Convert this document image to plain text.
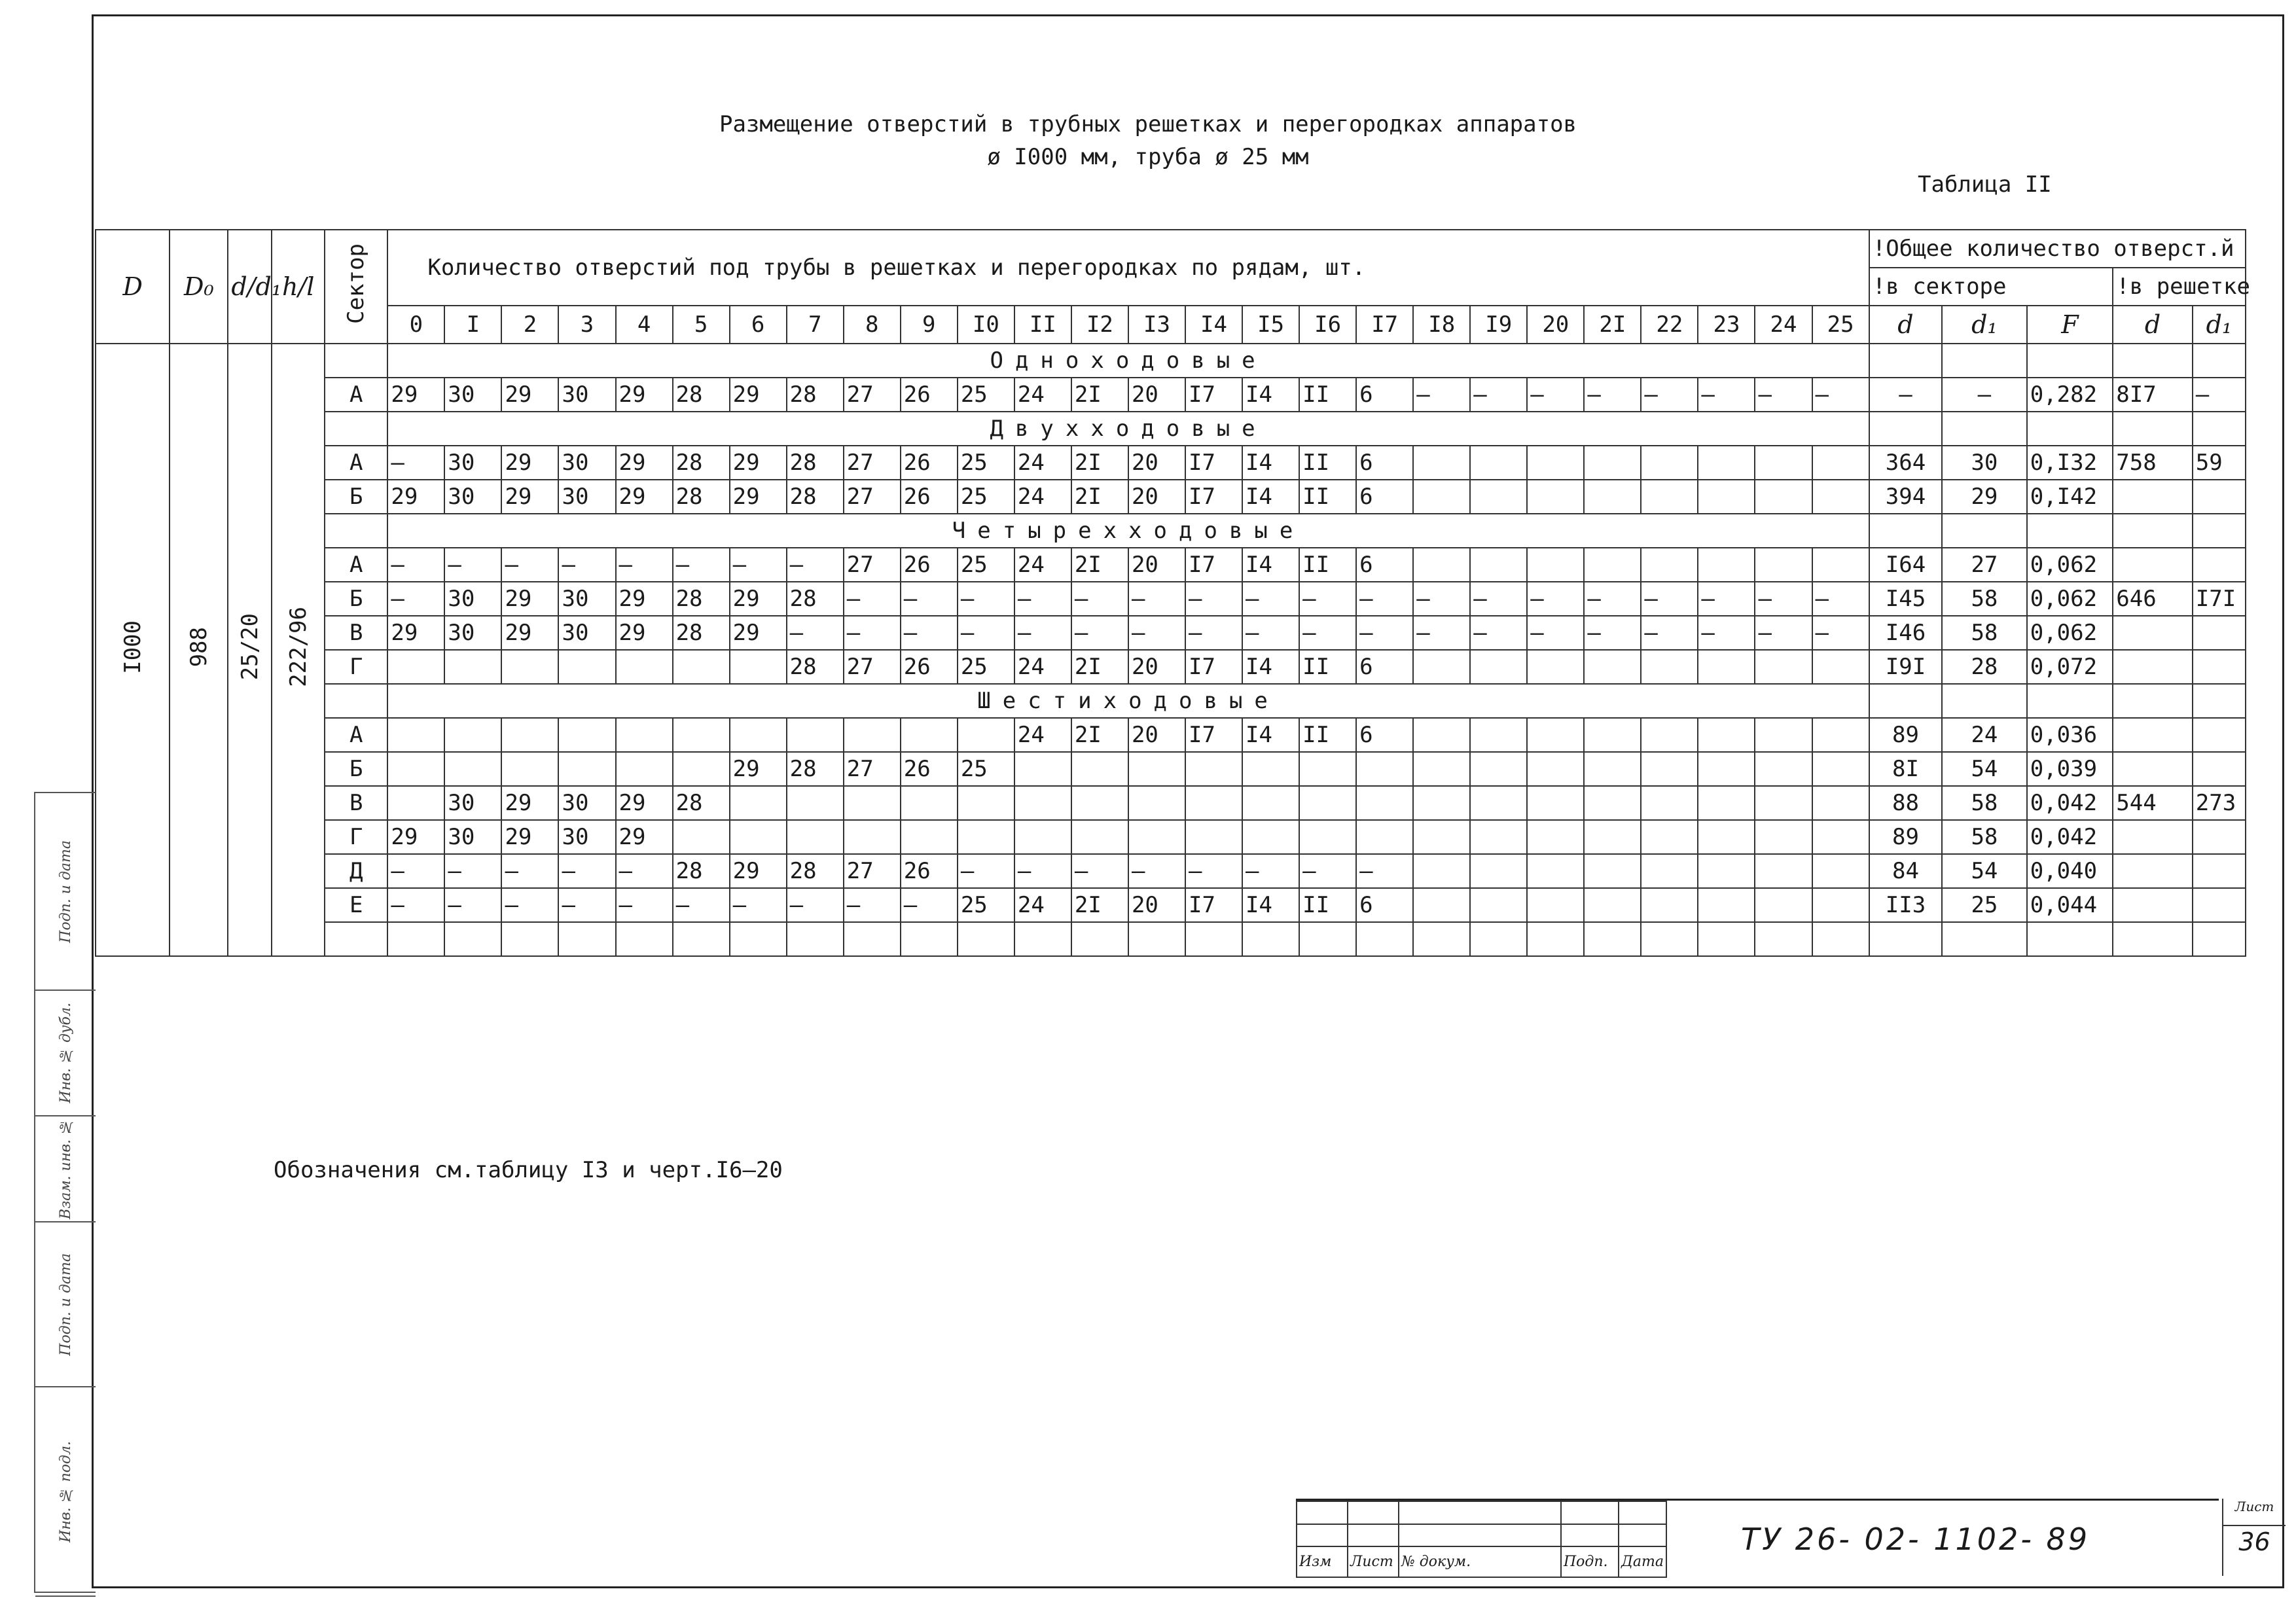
Размещение отверстий в трубных решетках и перегородках аппаратов
ø I000 мм, труба ø 25 мм
Таблица II
D	D₀	d/d₁	h/l	Сектор	Количество отверстий под трубы в решетках и перегородках по рядам, шт.																										!Общее количество отверст.й				
																															!в секторе			!в решетке	
					0	I	2	3	4	5	6	7	8	9	I0	II	I2	I3	I4	I5	I6	I7	I8	I9	20	2I	22	23	24	25	d	d₁	F	d	d₁
I000	988	25/20	222/96		Одноходовые																														
				А	29	30	29	30	29	28	29	28	27	26	25	24	2I	20	I7	I4	II	6	–	–	–	–	–	–	–	–	–	–	0,282	8I7	–
					Двухходовые																														
				А	–	30	29	30	29	28	29	28	27	26	25	24	2I	20	I7	I4	II	6									364	30	0,I32	758	59
				Б	29	30	29	30	29	28	29	28	27	26	25	24	2I	20	I7	I4	II	6									394	29	0,I42		
					Четырехходовые																														
				А	–	–	–	–	–	–	–	–	27	26	25	24	2I	20	I7	I4	II	6									I64	27	0,062		
				Б	–	30	29	30	29	28	29	28	–	–	–	–	–	–	–	–	–	–	–	–	–	–	–	–	–	–	I45	58	0,062	646	I7I
				В	29	30	29	30	29	28	29	–	–	–	–	–	–	–	–	–	–	–	–	–	–	–	–	–	–	–	I46	58	0,062		
				Г								28	27	26	25	24	2I	20	I7	I4	II	6									I9I	28	0,072		
					Шестиходовые																														
				А												24	2I	20	I7	I4	II	6									89	24	0,036		
				Б							29	28	27	26	25																8I	54	0,039		
				В		30	29	30	29	28																					88	58	0,042	544	273
				Г	29	30	29	30	29																						89	58	0,042		
				Д	–	–	–	–	–	28	29	28	27	26	–	–	–	–	–	–	–	–									84	54	0,040		
				Е	–	–	–	–	–	–	–	–	–	–	25	24	2I	20	I7	I4	II	6									II3	25	0,044		

Обозначения см.таблицу I3 и черт.I6–20
Подп. и дата
Инв. № дубл.
Взам. инв. №
Подп. и дата
Инв. № подл.

Изм	Лист	№ докум.	Подп.	Дата
ТУ 26- 02- 1102- 89
Лист
36
